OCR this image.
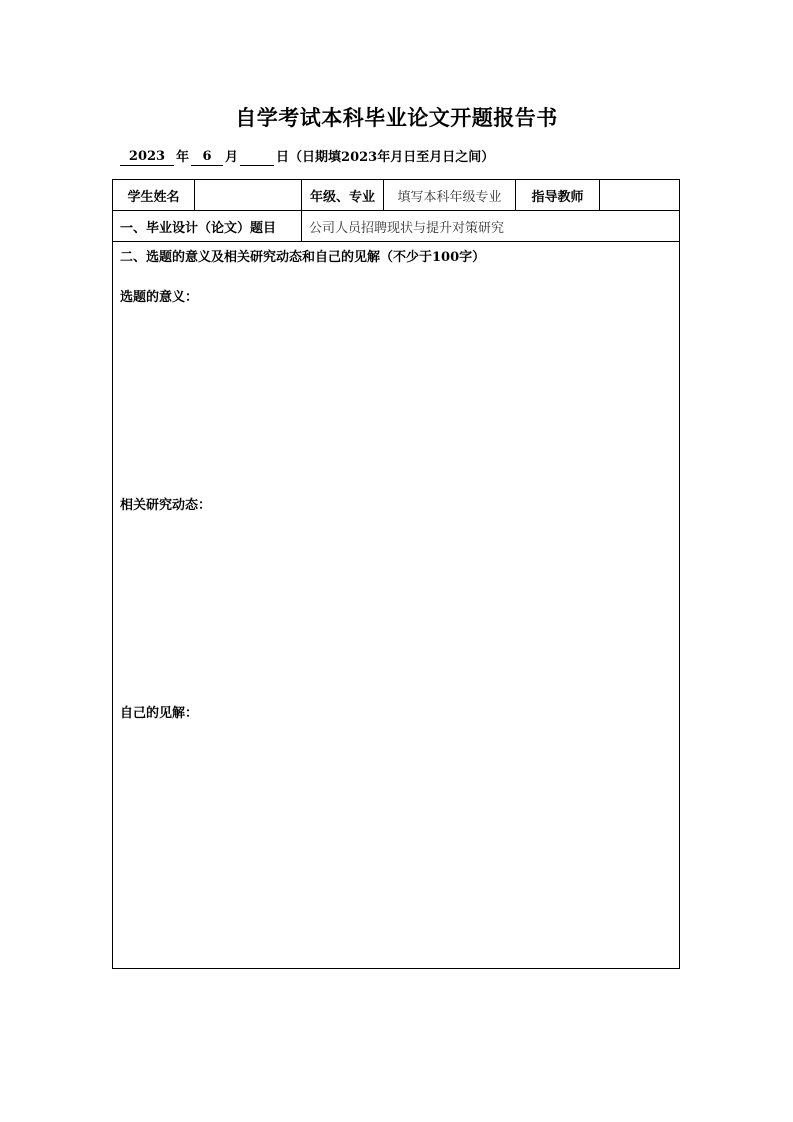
自学考试本科毕业论文开题报告书
2023 年	6	月	日（日期填2023年月日至月日之间）
学生姓名	年级、专业	填写本科年级专业	指导教师
一、毕业设计（论文）题目	公司人员招聘现状与提升对策研究
二、选题的意义及相关研究动态和自己的见解（不少于100字）
选题的意义：
相关研究动态：
自己的见解：
